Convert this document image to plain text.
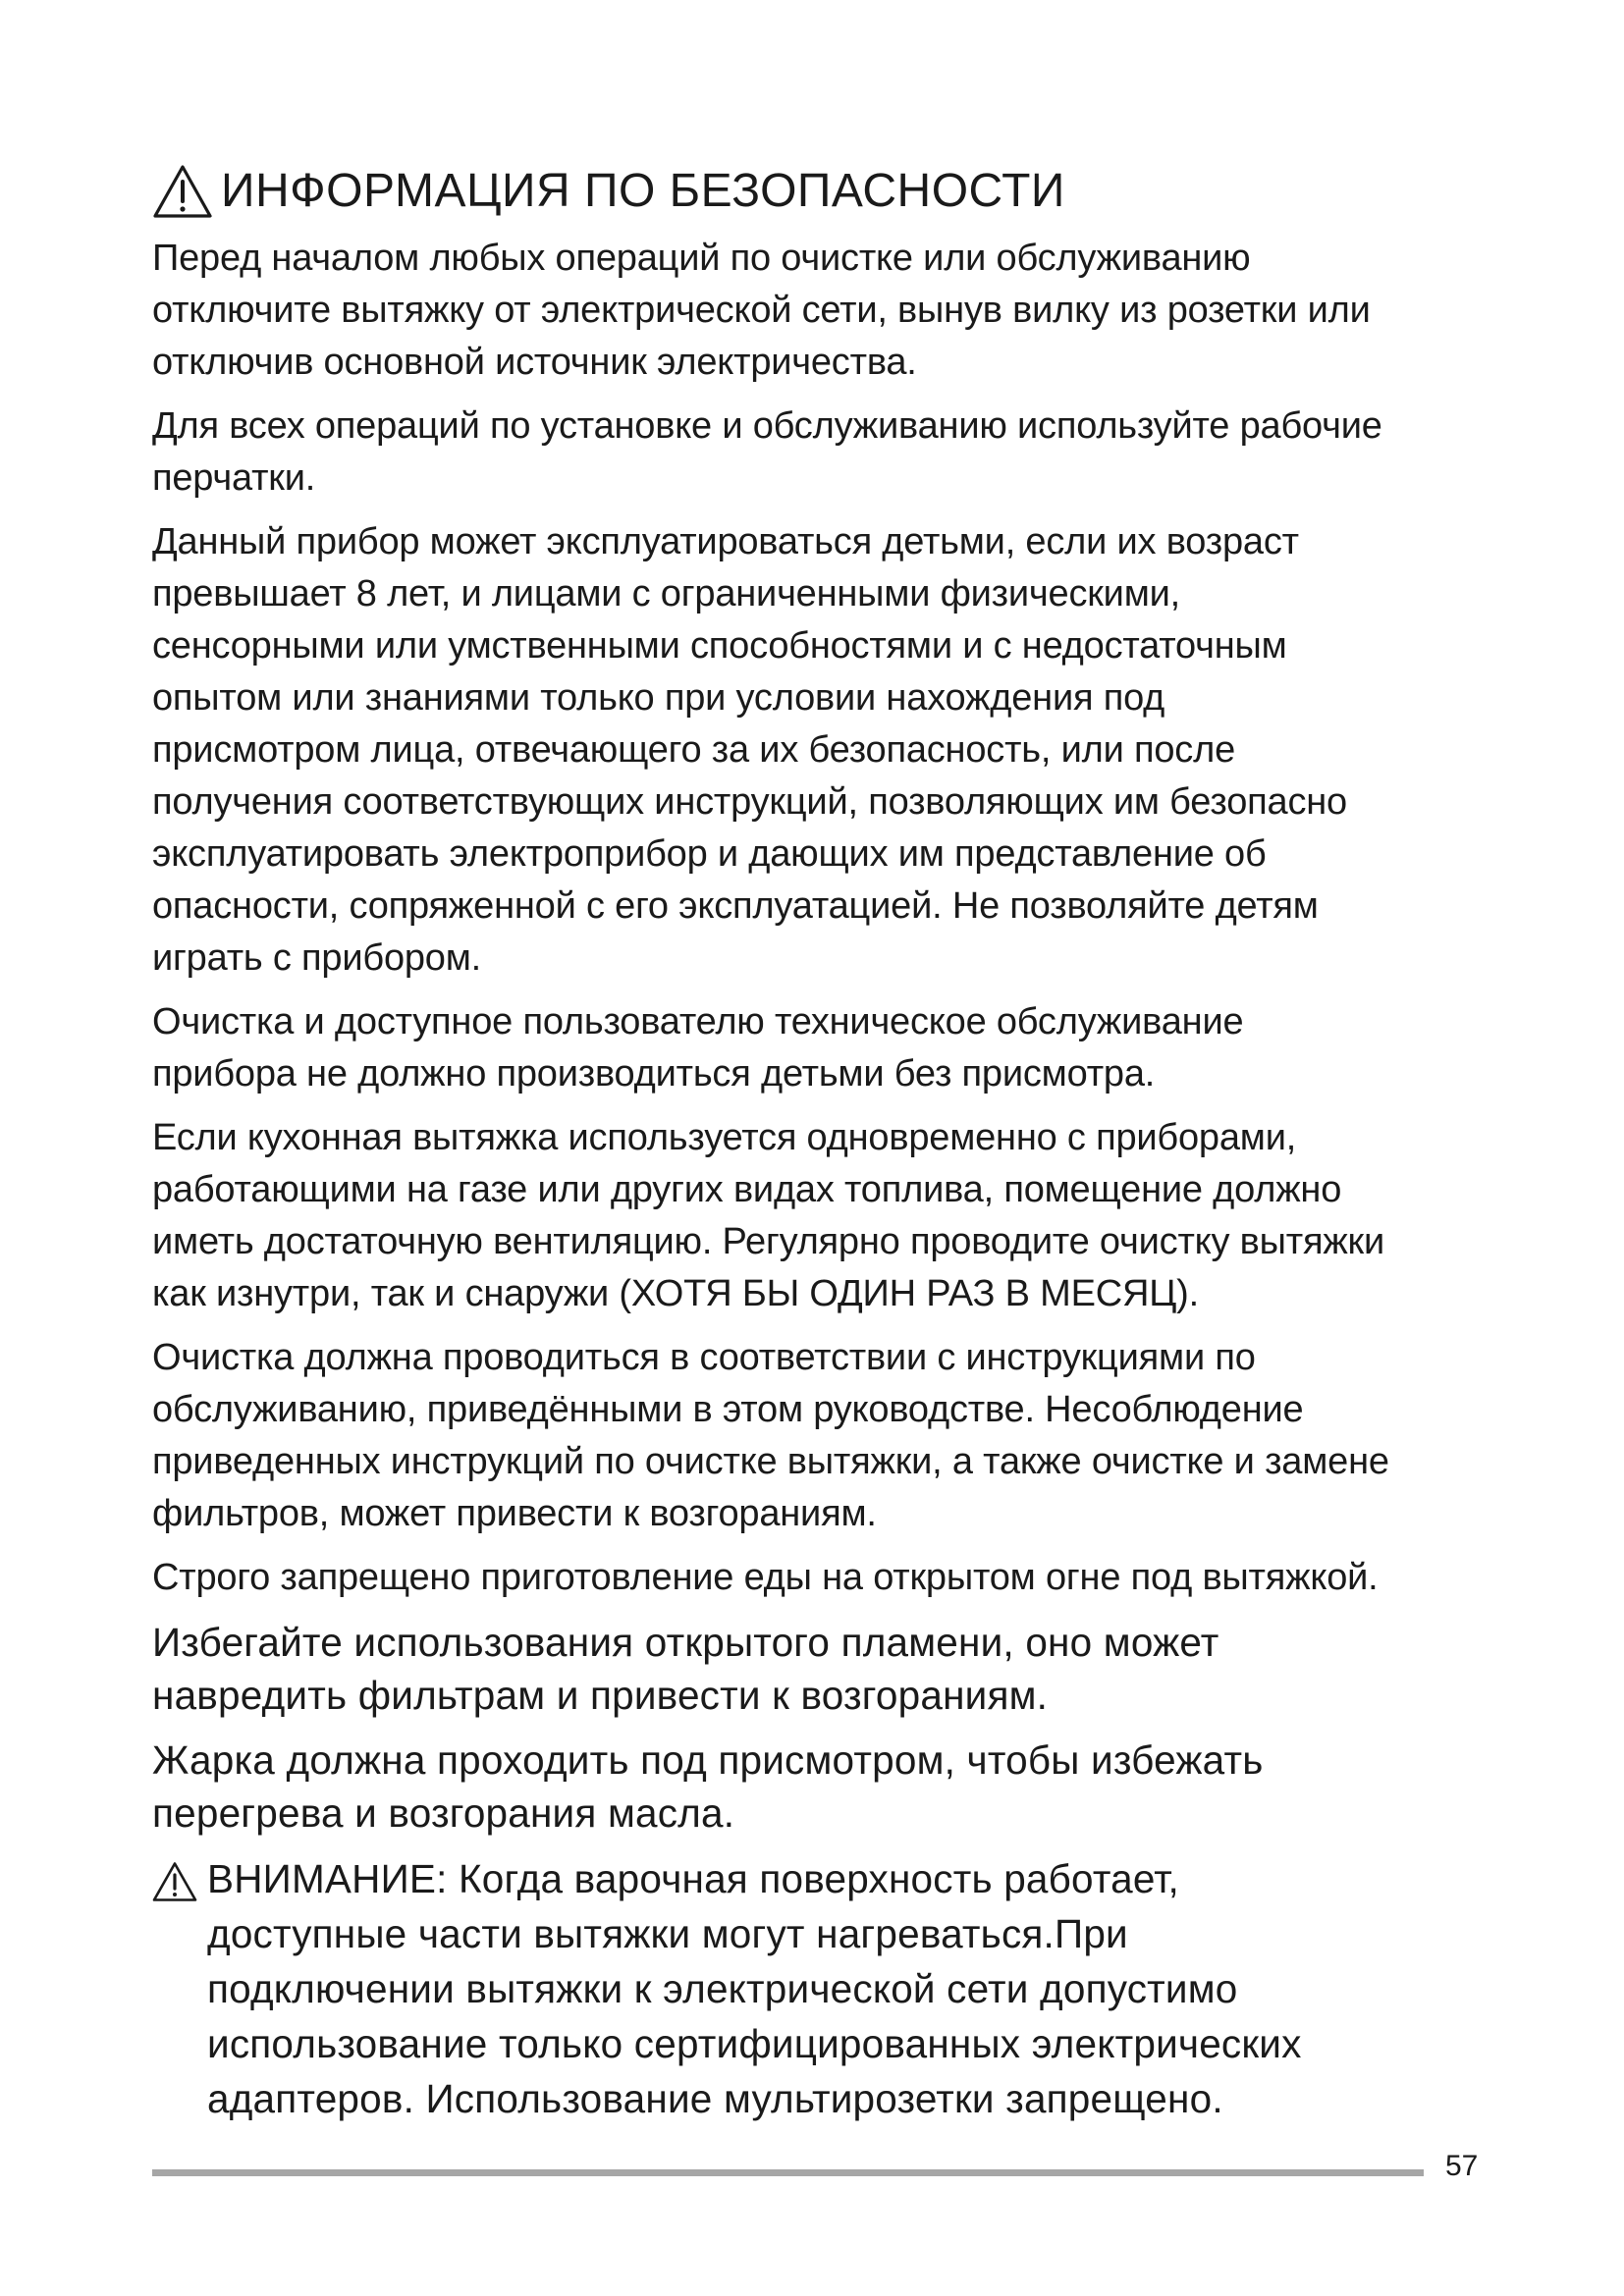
ИНФОРМАЦИЯ ПО БЕЗОПАСНОСТИ

Перед началом любых операций по очистке или обслуживанию
отключите вытяжку от электрической сети, вынув вилку из розетки или
отключив основной источник электричества.

Для всех операций по установке и обслуживанию используйте рабочие
перчатки.

Данный прибор может эксплуатироваться детьми, если их возраст
превышает 8 лет, и лицами с ограниченными физическими,
сенсорными или умственными способностями и с недостаточным
опытом или знаниями только при условии нахождения под
присмотром лица, отвечающего за их безопасность, или после
получения соответствующих инструкций, позволяющих им безопасно
эксплуатировать электроприбор и дающих им представление об
опасности, сопряженной с его эксплуатацией. Не позволяйте детям
играть с прибором.

Очистка и доступное пользователю техническое обслуживание
прибора не должно производиться детьми без присмотра.

Если кухонная вытяжка используется одновременно с приборами,
работающими на газе или других видах топлива, помещение должно
иметь достаточную вентиляцию. Регулярно проводите очистку вытяжки
как изнутри, так и снаружи (ХОТЯ БЫ ОДИН РАЗ В МЕСЯЦ).

Очистка должна проводиться в соответствии с инструкциями по
обслуживанию, приведёнными в этом руководстве. Несоблюдение
приведенных инструкций по очистке вытяжки, а также очистке и замене
фильтров, может привести к возгораниям.

Строго запрещено приготовление еды на открытом огне под вытяжкой.

Избегайте использования открытого пламени, оно может
навредить фильтрам и привести к возгораниям.

Жарка должна проходить под присмотром, чтобы избежать
перегрева и возгорания масла.

ВНИМАНИЕ: Когда варочная поверхность работает,
доступные части вытяжки могут нагреваться.При
подключении вытяжки к электрической сети допустимо
использование только сертифицированных электрических
адаптеров. Использование мультирозетки запрещено.
57
